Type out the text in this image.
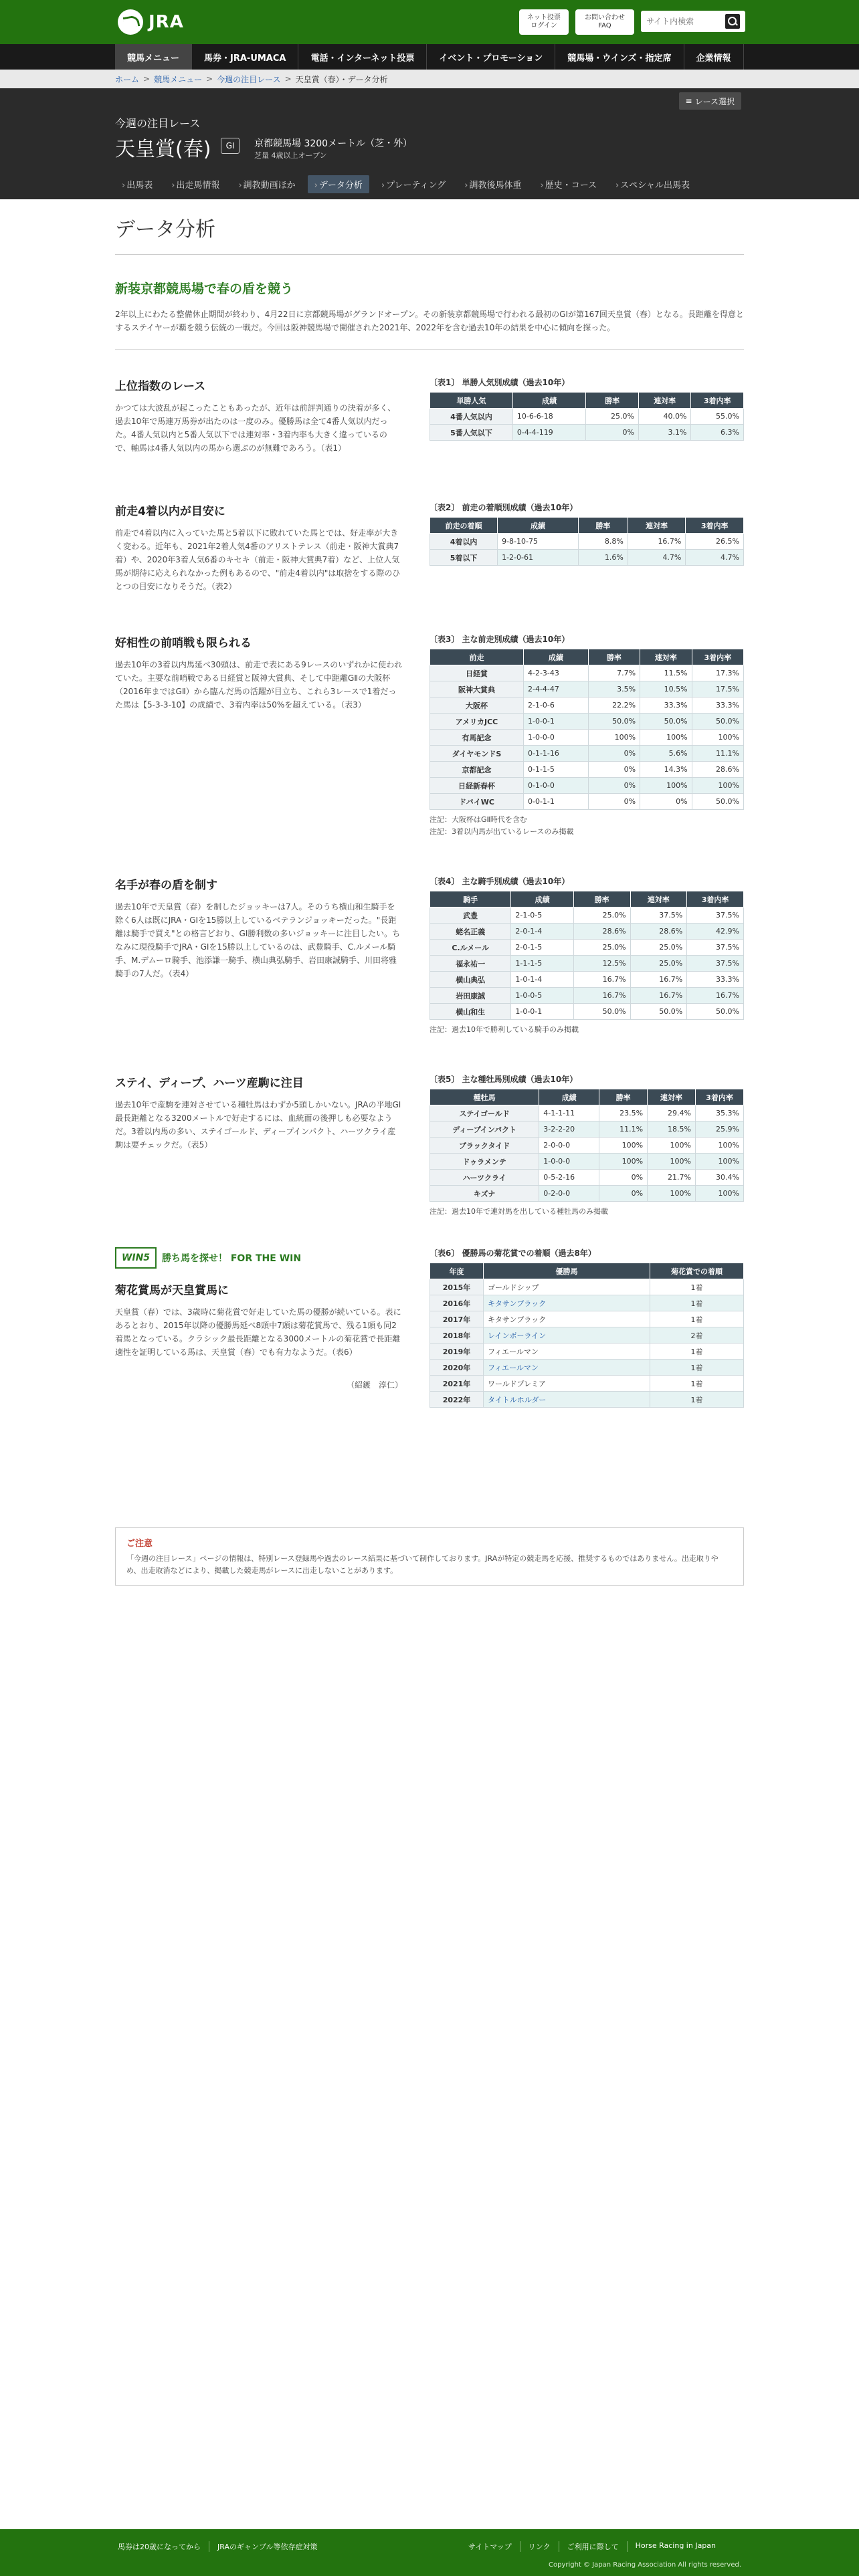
JRA	ネット投票
ログイン
お問い合わせ
FAQ
サイト内検索
競馬メニュー	馬券・JRA-UMACA	電話・インターネット投票	イベント・プロモーション	競馬場・ウインズ・指定席	企業情報
ホーム > 競馬メニュー > 今週の注目レース > 天皇賞（春）・データ分析
≡ レース選択
今週の注目レース
天皇賞(春)	GⅠ	京都競馬場 3200メートル（芝・外）
芝量 4歳以上オープン
› 出馬表	› 出走馬情報	› 調教動画ほか	› データ分析	› プレーティング	› 調教後馬体重	› 歴史・コース	› スペシャル出馬表
データ分析
新装京都競馬場で春の盾を競う
2年以上にわたる整備休止期間が終わり、4月22日に京都競馬場がグランドオープン。その新装京都競馬場で行われる最初のGⅠが第167回天皇賞（春）となる。長距離を得意とするステイヤーが覇を競う伝統の一戦だ。今回は阪神競馬場で開催された2021年、2022年を含む過去10年の結果を中心に傾向を探った。
上位指数のレース
かつては大波乱が起こったこともあったが、近年は前評判通りの決着が多く、過去10年で馬連万馬券が出たのは一度のみ。優勝馬は全て4番人気以内だった。4番人気以内と5番人気以下では連対率・3着内率も大きく違っているので、軸馬は4番人気以内の馬から選ぶのが無難であろう。（表1）
〔表1〕 単勝人気別成績（過去10年）
単勝人気	成績	勝率	連対率	3着内率
4番人気以内	10-6-6-18	25.0%	40.0%	55.0%
5番人気以下	0-4-4-119	0%	3.1%	6.3%
前走4着以内が目安に
前走で4着以内に入っていた馬と5着以下に敗れていた馬とでは、好走率が大きく変わる。近年も、2021年2着人気4番のアリストテレス（前走・阪神大賞典7着）や、2020年3着人気6番のキセキ（前走・阪神大賞典7着）など、上位人気馬が期待に応えられなかった例もあるので、"前走4着以内"は取捨をする際のひとつの目安になりそうだ。（表2）
〔表2〕 前走の着順別成績（過去10年）
前走の着順	成績	勝率	連対率	3着内率
4着以内	9-8-10-75	8.8%	16.7%	26.5%
5着以下	1-2-0-61	1.6%	4.7%	4.7%
好相性の前哨戦も限られる
過去10年の3着以内馬延べ30頭は、前走で表にある9レースのいずれかに使われていた。主要な前哨戦である日経賞と阪神大賞典、そして中距離GⅡの大阪杯（2016年まではGⅡ）から臨んだ馬の活躍が目立ち、これら3レースで1着だった馬は【5-3-3-10】の成績で、3着内率は50%を超えている。（表3）
〔表3〕 主な前走別成績（過去10年）
前走	成績	勝率	連対率	3着内率
日経賞	4-2-3-43	7.7%	11.5%	17.3%
阪神大賞典	2-4-4-47	3.5%	10.5%	17.5%
大阪杯	2-1-0-6	22.2%	33.3%	33.3%
アメリカJCC	1-0-0-1	50.0%	50.0%	50.0%
有馬記念	1-0-0-0	100%	100%	100%
ダイヤモンドS	0-1-1-16	0%	5.6%	11.1%
京都記念	0-1-1-5	0%	14.3%	28.6%
日経新春杯	0-1-0-0	0%	100%	100%
ドバイWC	0-0-1-1	0%	0%	50.0%
注記：大阪杯はGⅡ時代を含む
注記：3着以内馬が出ているレースのみ掲載
名手が春の盾を制す
過去10年で天皇賞（春）を制したジョッキーは7人。そのうち横山和生騎手を除く6人は既にJRA・GⅠを15勝以上しているベテランジョッキーだった。"長距離は騎手で買え"との格言どおり、GⅠ勝利数の多いジョッキーに注目したい。ちなみに現役騎手でJRA・GⅠを15勝以上しているのは、武豊騎手、C.ルメール騎手、M.デムーロ騎手、池添謙一騎手、横山典弘騎手、岩田康誠騎手、川田将雅騎手の7人だ。（表4）
〔表4〕 主な騎手別成績（過去10年）
騎手	成績	勝率	連対率	3着内率
武豊	2-1-0-5	25.0%	37.5%	37.5%
蛯名正義	2-0-1-4	28.6%	28.6%	42.9%
C.ルメール	2-0-1-5	25.0%	25.0%	37.5%
福永祐一	1-1-1-5	12.5%	25.0%	37.5%
横山典弘	1-0-1-4	16.7%	16.7%	33.3%
岩田康誠	1-0-0-5	16.7%	16.7%	16.7%
横山和生	1-0-0-1	50.0%	50.0%	50.0%
注記：過去10年で勝利している騎手のみ掲載
ステイ、ディープ、ハーツ産駒に注目
過去10年で産駒を連対させている種牡馬はわずか5頭しかいない。JRAの平地GⅠ最長距離となる3200メートルで好走するには、血統面の後押しも必要なようだ。3着以内馬の多い、ステイゴールド、ディープインパクト、ハーツクライ産駒は要チェックだ。（表5）
〔表5〕 主な種牡馬別成績（過去10年）
種牡馬	成績	勝率	連対率	3着内率
ステイゴールド	4-1-1-11	23.5%	29.4%	35.3%
ディープインパクト	3-2-2-20	11.1%	18.5%	25.9%
ブラックタイド	2-0-0-0	100%	100%	100%
ドゥラメンテ	1-0-0-0	100%	100%	100%
ハーツクライ	0-5-2-16	0%	21.7%	30.4%
キズナ	0-2-0-0	0%	100%	100%
注記：過去10年で連対馬を出している種牡馬のみ掲載
WIN5	勝ち馬を探せ！ FOR THE WIN
菊花賞馬が天皇賞馬に
天皇賞（春）では、3歳時に菊花賞で好走していた馬の優勝が続いている。表にあるとおり、2015年以降の優勝馬延べ8頭中7頭は菊花賞馬で、残る1頭も同2着馬となっている。クラシック最長距離となる3000メートルの菊花賞で長距離適性を証明している馬は、天皇賞（春）でも有力なようだ。（表6）
（紹鍍　淳仁）
〔表6〕 優勝馬の菊花賞での着順（過去8年）
年度	優勝馬	菊花賞での着順
2015年	ゴールドシップ	1着
2016年	キタサンブラック	1着
2017年	キタサンブラック	1着
2018年	レインボーライン	2着
2019年	フィエールマン	1着
2020年	フィエールマン	1着
2021年	ワールドプレミア	1着
2022年	タイトルホルダー	1着
ご注意
「今週の注目レース」ページの情報は、特別レース登録馬や過去のレース結果に基づいて制作しております。JRAが特定の競走馬を応援、推奨するものではありません。出走取りやめ、出走取消などにより、掲載した競走馬がレースに出走しないことがあります。
馬券は20歳になってから	JRAのギャンブル等依存症対策	サイトマップ	リンク	ご利用に際して	Horse Racing in Japan
Copyright © Japan Racing Association All rights reserved.
